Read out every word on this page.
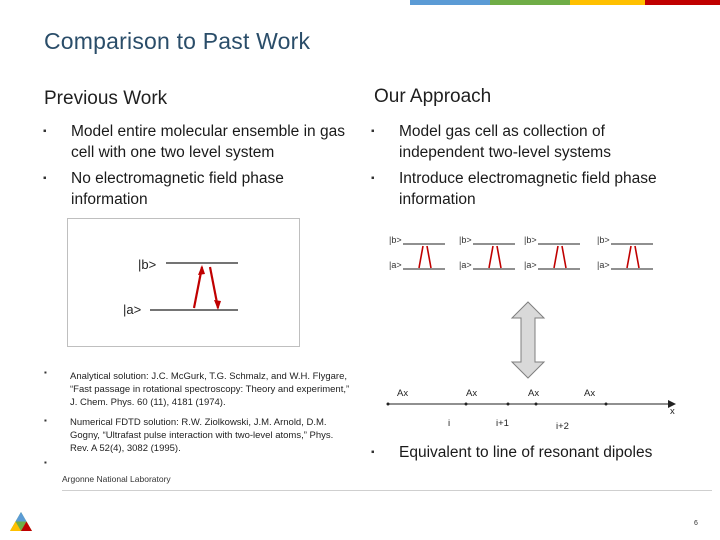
Comparison to Past Work
Previous Work
▪ Model entire molecular ensemble in gas cell with one two level system
▪ No electromagnetic field phase information
|b>
|a>
▪
▪
▪
Analytical solution: J.C. McGurk, T.G. Schmalz, and W.H. Flygare, “Fast passage in rotational spectroscopy: Theory and experiment,” J. Chem. Phys. 60 (11), 4181 (1974).
Numerical FDTD solution: R.W. Ziolkowski, J.M. Arnold, D.M. Gogny, “Ultrafast pulse interaction with two-level atoms,” Phys. Rev. A 52(4), 3082 (1995).
Our Approach
▪ Model gas cell as collection of independent two-level systems
▪ Introduce electromagnetic field phase information
|b>
|a>
|b>
|a>
|b>
|a>
|b>
|a>
Ax	Ax	Ax	Ax
x
i	i+1	i+2
▪ Equivalent to line of resonant dipoles
Argonne National Laboratory
6
